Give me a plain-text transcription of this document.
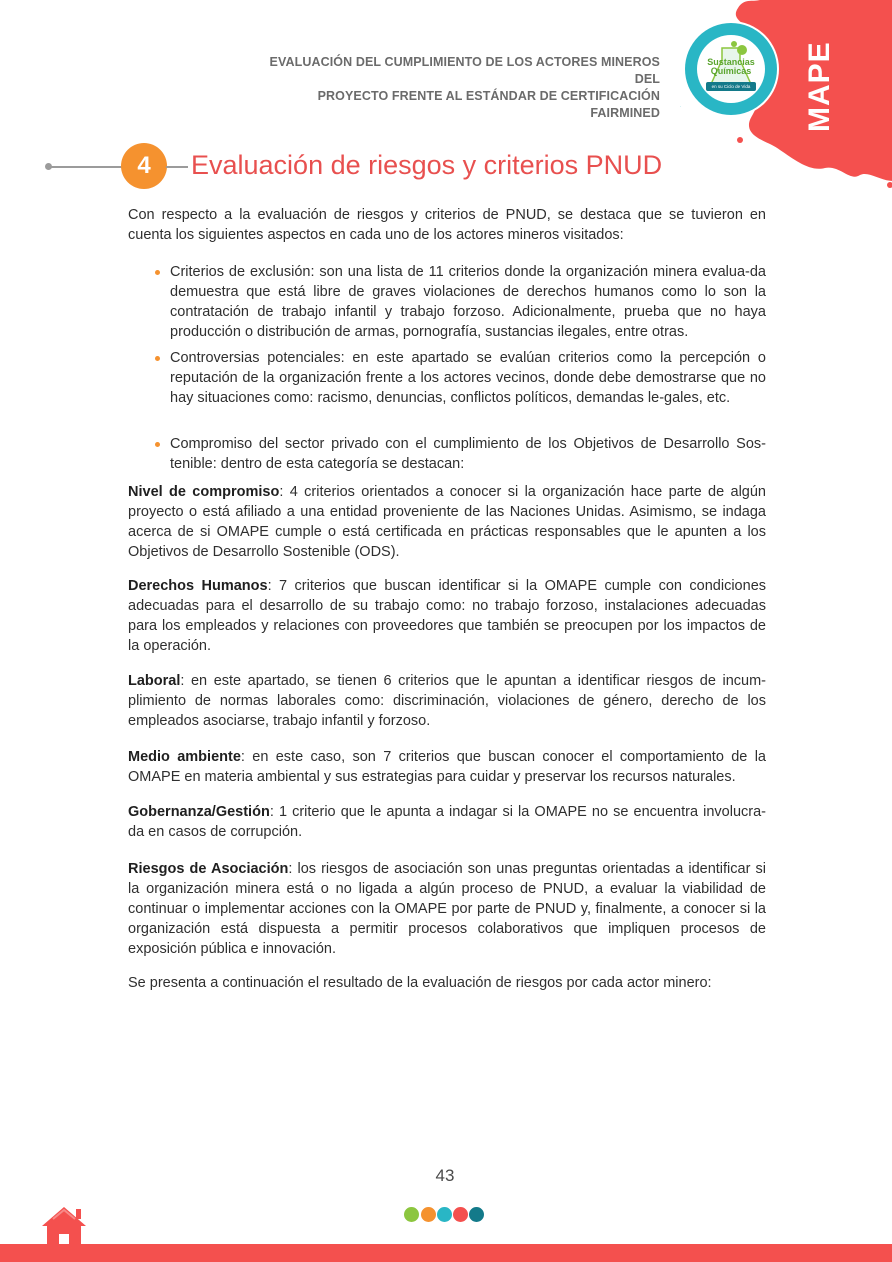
EVALUACIÓN DEL CUMPLIMIENTO DE LOS ACTORES MINEROS DEL
PROYECTO FRENTE AL ESTÁNDAR DE CERTIFICACIÓN FAIRMINED	MAPE
Sustancias Químicas
en su Ciclo de Vida
4	Evaluación de riesgos y criterios PNUD
Con respecto a la evaluación de riesgos y criterios de PNUD, se destaca que se tuvieron en cuenta los siguientes aspectos en cada uno de los actores mineros visitados:
Criterios de exclusión: son una lista de 11 criterios donde la organización minera evalua-da demuestra que está libre de graves violaciones de derechos humanos como lo son la contratación de trabajo infantil y trabajo forzoso. Adicionalmente, prueba que no haya producción o distribución de armas, pornografía, sustancias ilegales, entre otras.
Controversias potenciales: en este apartado se evalúan criterios como la percepción o reputación de la organización frente a los actores vecinos, donde debe demostrarse que no hay situaciones como: racismo, denuncias, conflictos políticos, demandas le-gales, etc.
Compromiso del sector privado con el cumplimiento de los Objetivos de Desarrollo Sos-tenible: dentro de esta categoría se destacan:
Nivel de compromiso: 4 criterios orientados a conocer si la organización hace parte de algún proyecto o está afiliado a una entidad proveniente de las Naciones Unidas. Asimismo, se indaga acerca de si OMAPE cumple o está certificada en prácticas responsables que le apunten a los Objetivos de Desarrollo Sostenible (ODS).
Derechos Humanos: 7 criterios que buscan identificar si la OMAPE cumple con condiciones adecuadas para el desarrollo de su trabajo como: no trabajo forzoso, instalaciones adecuadas para los empleados y relaciones con proveedores que también se preocupen por los impactos de la operación.
Laboral: en este apartado, se tienen 6 criterios que le apuntan a identificar riesgos de incum-plimiento de normas laborales como: discriminación, violaciones de género, derecho de los empleados asociarse, trabajo infantil y forzoso.
Medio ambiente: en este caso, son 7 criterios que buscan conocer el comportamiento de la OMAPE en materia ambiental y sus estrategias para cuidar y preservar los recursos naturales.
Gobernanza/Gestión: 1 criterio que le apunta a indagar si la OMAPE no se encuentra involucra-da en casos de corrupción.
Riesgos de Asociación: los riesgos de asociación son unas preguntas orientadas a identificar si la organización minera está o no ligada a algún proceso de PNUD, a evaluar la viabilidad de continuar o implementar acciones con la OMAPE por parte de PNUD y, finalmente, a conocer si la organización está dispuesta a permitir procesos colaborativos que impliquen procesos de exposición pública e innovación.
Se presenta a continuación el resultado de la evaluación de riesgos por cada actor minero:
43
